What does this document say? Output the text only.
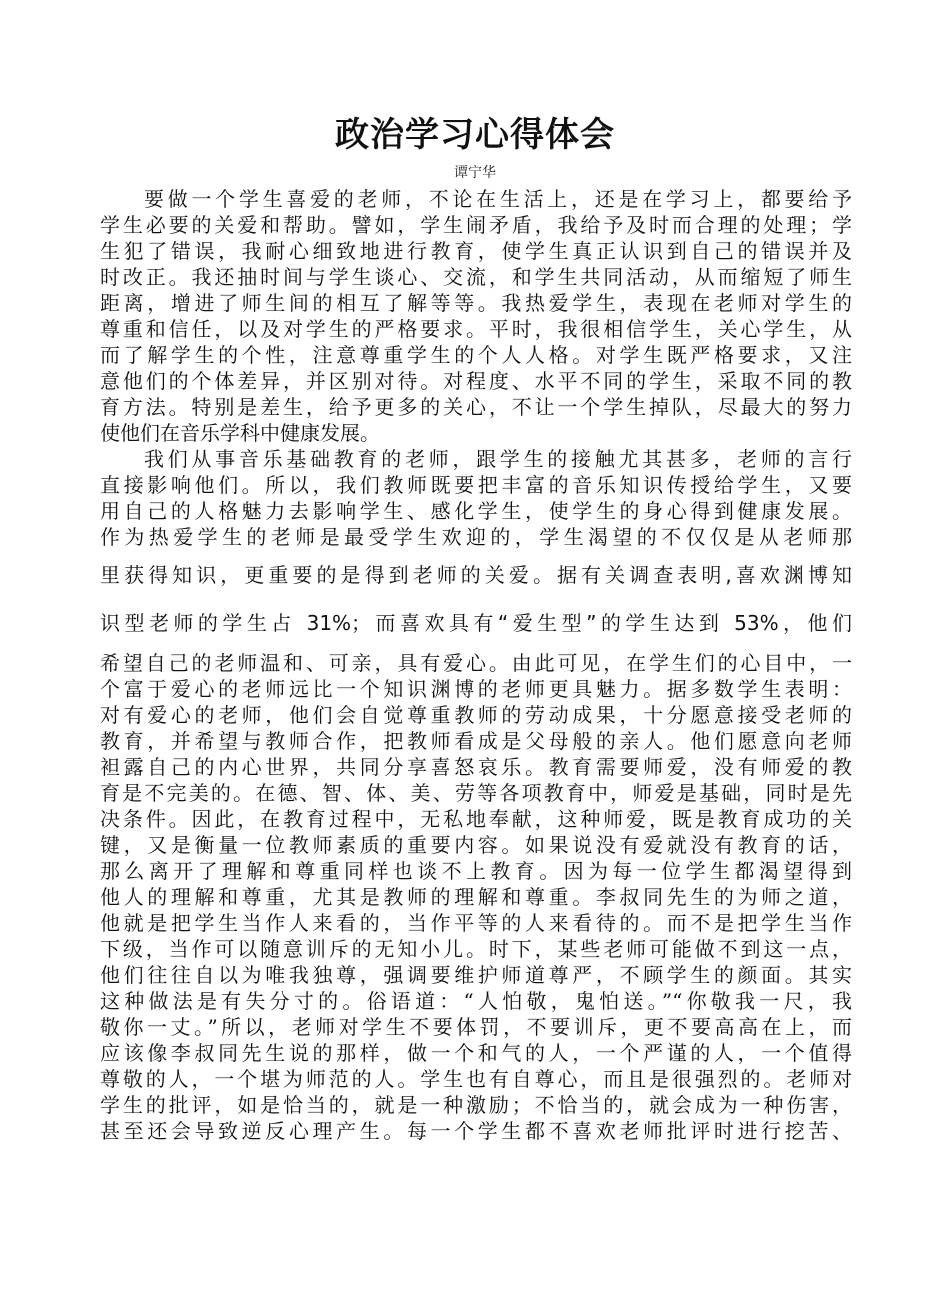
政治学习心得体会
谭宁华
要做一个学生喜爱的老师，不论在生活上，还是在学习上，都要给予
学生必要的关爱和帮助。譬如，学生闹矛盾，我给予及时而合理的处理；学
生犯了错误，我耐心细致地进行教育，使学生真正认识到自己的错误并及
时改正。我还抽时间与学生谈心、交流，和学生共同活动，从而缩短了师生
距离，增进了师生间的相互了解等等。我热爱学生，表现在老师对学生的
尊重和信任，以及对学生的严格要求。平时，我很相信学生，关心学生，从
而了解学生的个性，注意尊重学生的个人人格。对学生既严格要求，又注
意他们的个体差异，并区别对待。对程度、水平不同的学生，采取不同的教
育方法。特别是差生，给予更多的关心，不让一个学生掉队，尽最大的努力
使他们在音乐学科中健康发展。
我们从事音乐基础教育的老师，跟学生的接触尤其甚多，老师的言行
直接影响他们。所以，我们教师既要把丰富的音乐知识传授给学生，又要
用自己的人格魅力去影响学生、感化学生，使学生的身心得到健康发展。
作为热爱学生的老师是最受学生欢迎的，学生渴望的不仅仅是从老师那
里获得知识，更重要的是得到老师的关爱。据有关调查表明,喜欢渊博知
识型老师的学生占 31%；而喜欢具有“爱生型”的学生达到 53%，他们
希望自己的老师温和、可亲，具有爱心。由此可见，在学生们的心目中，一
个富于爱心的老师远比一个知识渊博的老师更具魅力。据多数学生表明：
对有爱心的老师，他们会自觉尊重教师的劳动成果，十分愿意接受老师的
教育，并希望与教师合作，把教师看成是父母般的亲人。他们愿意向老师
袒露自己的内心世界，共同分享喜怒哀乐。教育需要师爱，没有师爱的教
育是不完美的。在德、智、体、美、劳等各项教育中，师爱是基础，同时是先
决条件。因此，在教育过程中，无私地奉献，这种师爱，既是教育成功的关
键，又是衡量一位教师素质的重要内容。如果说没有爱就没有教育的话，
那么离开了理解和尊重同样也谈不上教育。因为每一位学生都渴望得到
他人的理解和尊重，尤其是教师的理解和尊重。李叔同先生的为师之道，
他就是把学生当作人来看的，当作平等的人来看待的。而不是把学生当作
下级，当作可以随意训斥的无知小儿。时下，某些老师可能做不到这一点，
他们往往自以为唯我独尊，强调要维护师道尊严，不顾学生的颜面。其实
这种做法是有失分寸的。俗语道：“人怕敬，鬼怕送。”“你敬我一尺，我
敬你一丈。”所以，老师对学生不要体罚，不要训斥，更不要高高在上，而
应该像李叔同先生说的那样，做一个和气的人，一个严谨的人，一个值得
尊敬的人，一个堪为师范的人。学生也有自尊心，而且是很强烈的。老师对
学生的批评，如是恰当的，就是一种激励；不恰当的，就会成为一种伤害，
甚至还会导致逆反心理产生。每一个学生都不喜欢老师批评时进行挖苦、
